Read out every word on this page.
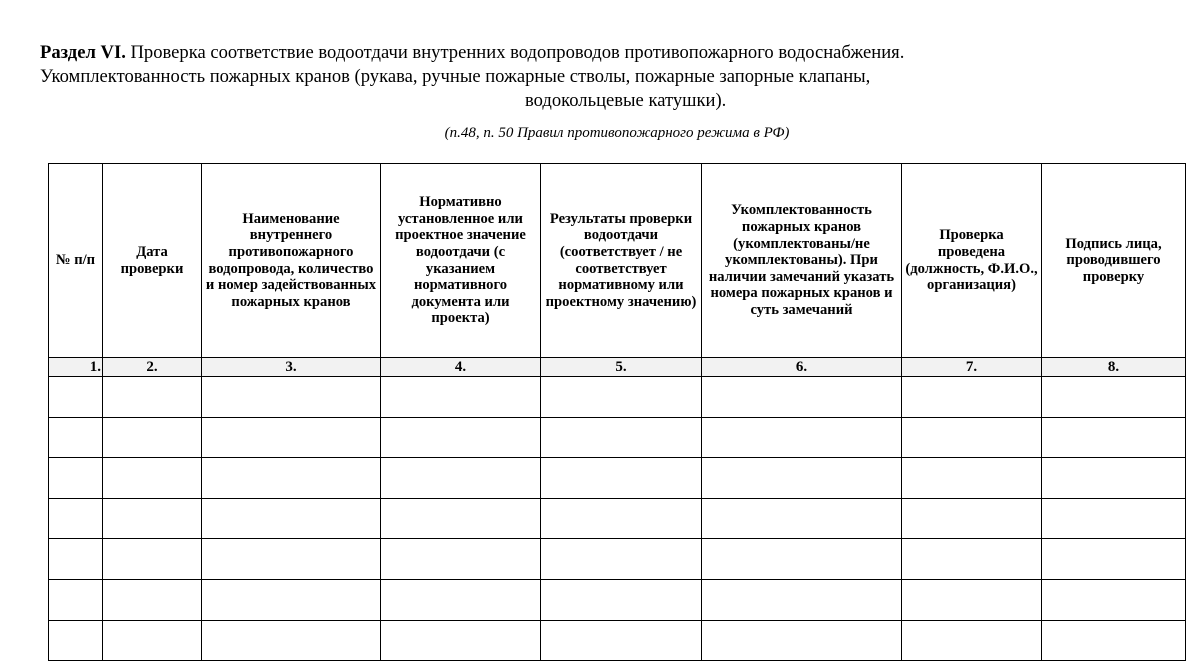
Раздел VI. Проверка соответствие водоотдачи внутренних водопроводов противопожарного водоснабжения.
Укомплектованность пожарных кранов (рукава, ручные пожарные стволы, пожарные запорные клапаны,
водокольцевые катушки).
(п.48, п. 50 Правил противопожарного режима в РФ)
№ п/п	Дата проверки	Наименование внутреннего противопожарного водопровода, количество и номер задействованных пожарных кранов	Нормативно установленное или проектное значение водоотдачи (с указанием нормативного документа или проекта)	Результаты проверки водоотдачи (соответствует / не соответствует нормативному или проектному значению)	Укомплектованность пожарных кранов (укомплектованы/не укомплектованы). При наличии замечаний указать номера пожарных кранов и суть замечаний	Проверка проведена (должность, Ф.И.О., организация)	Подпись лица, проводившего проверку
1.	2.	3.	4.	5.	6.	7.	8.
